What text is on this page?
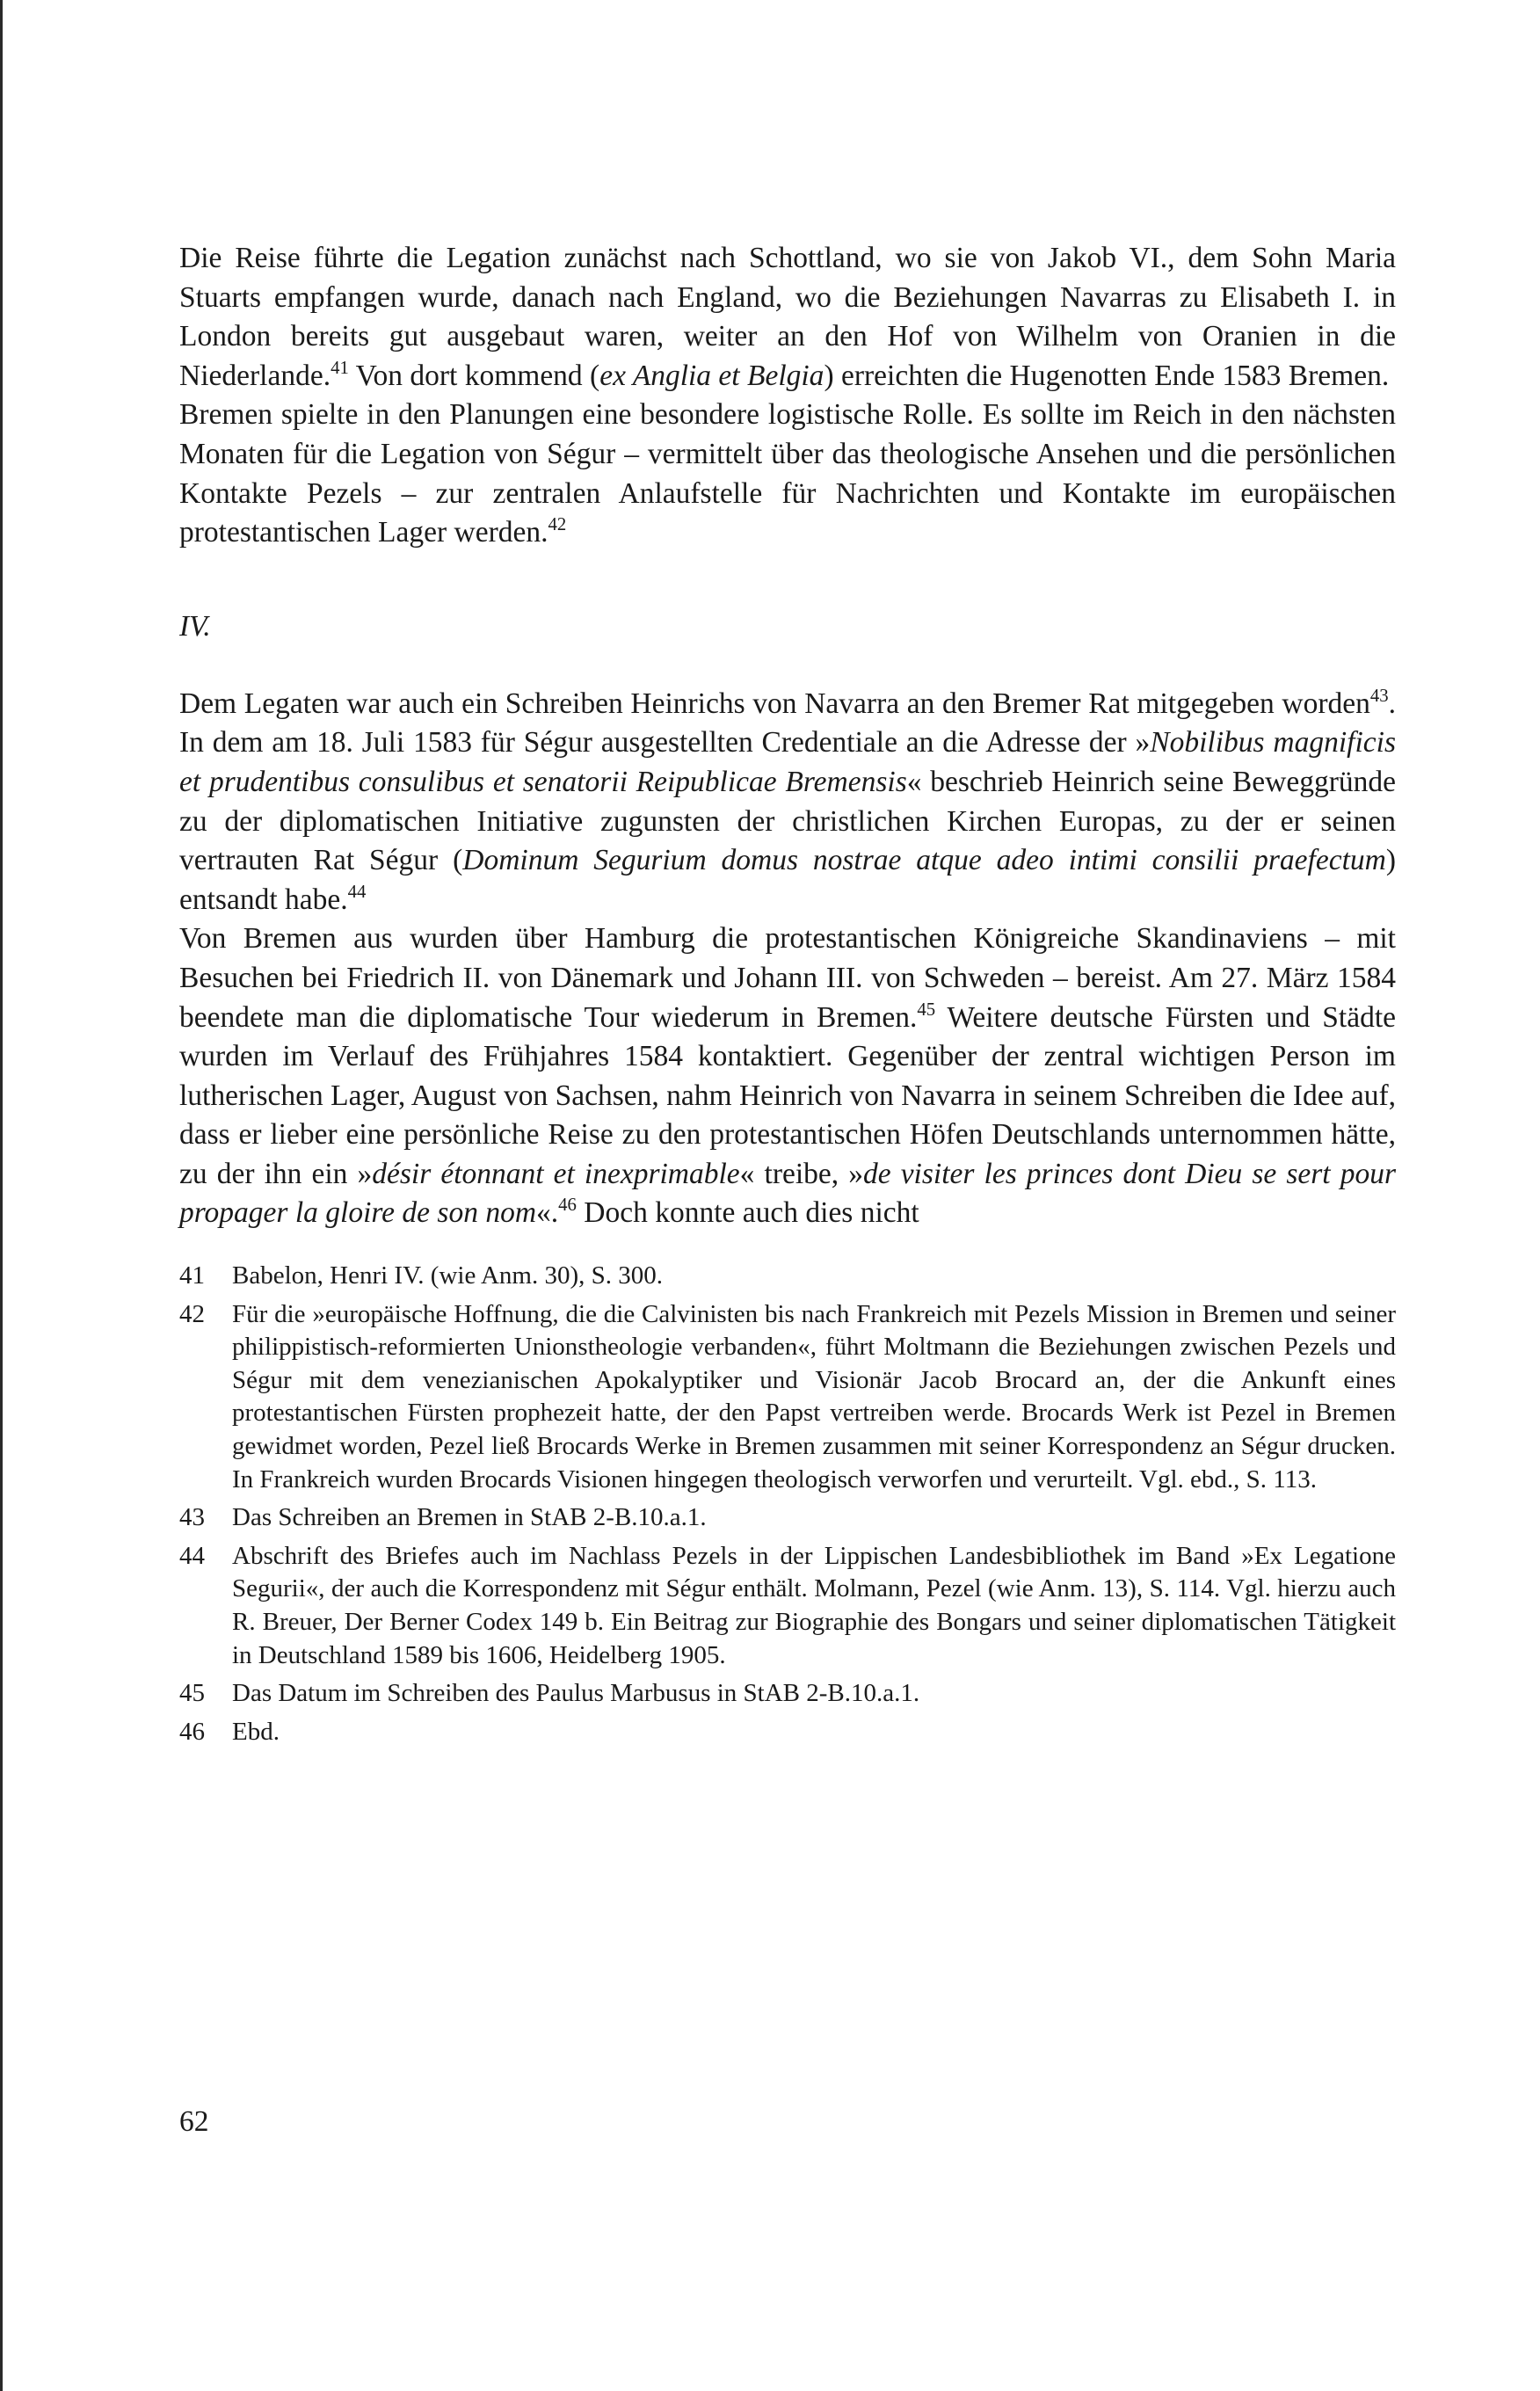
Die Reise führte die Legation zunächst nach Schottland, wo sie von Jakob VI., dem Sohn Maria Stuarts empfangen wurde, danach nach England, wo die Beziehungen Navarras zu Elisabeth I. in London bereits gut ausgebaut waren, weiter an den Hof von Wilhelm von Oranien in die Niederlande.$^{41}$ Von dort kommend (ex Anglia et Belgia) erreichten die Hugenotten Ende 1583 Bremen.

Bremen spielte in den Planungen eine besondere logistische Rolle. Es sollte im Reich in den nächsten Monaten für die Legation von Ségur – vermittelt über das theologische Ansehen und die persönlichen Kontakte Pezels – zur zentralen Anlaufstelle für Nachrichten und Kontakte im europäischen protestantischen Lager werden.$^{42}$

IV.

Dem Legaten war auch ein Schreiben Heinrichs von Navarra an den Bremer Rat mitgegeben worden$^{43}$. In dem am 18. Juli 1583 für Ségur ausgestellten Credentiale an die Adresse der »Nobilibus magnificis et prudentibus consulibus et senatorii Reipublicae Bremensis« beschrieb Heinrich seine Beweggründe zu der diplomatischen Initiative zugunsten der christlichen Kirchen Europas, zu der er seinen vertrauten Rat Ségur (Dominum Segurium domus nostrae atque adeo intimi consilii praefectum) entsandt habe.$^{44}$

Von Bremen aus wurden über Hamburg die protestantischen Königreiche Skandinaviens – mit Besuchen bei Friedrich II. von Dänemark und Johann III. von Schweden – bereist. Am 27. März 1584 beendete man die diplomatische Tour wiederum in Bremen.$^{45}$ Weitere deutsche Fürsten und Städte wurden im Verlauf des Frühjahres 1584 kontaktiert. Gegenüber der zentral wichtigen Person im lutherischen Lager, August von Sachsen, nahm Heinrich von Navarra in seinem Schreiben die Idee auf, dass er lieber eine persönliche Reise zu den protestantischen Höfen Deutschlands unternommen hätte, zu der ihn ein »désir étonnant et inexprimable« treibe, »de visiter les princes dont Dieu se sert pour propager la gloire de son nom«.$^{46}$ Doch konnte auch dies nicht

41	Babelon, Henri IV. (wie Anm. 30), S. 300.
42	Für die »europäische Hoffnung, die die Calvinisten bis nach Frankreich mit Pezels Mission in Bremen und seiner philippistisch-reformierten Unionstheologie verbanden«, führt Moltmann die Beziehungen zwischen Pezels und Ségur mit dem venezianischen Apokalyptiker und Visionär Jacob Brocard an, der die Ankunft eines protestantischen Fürsten prophezeit hatte, der den Papst vertreiben werde. Brocards Werk ist Pezel in Bremen gewidmet worden, Pezel ließ Brocards Werke in Bremen zusammen mit seiner Korrespondenz an Ségur drucken. In Frankreich wurden Brocards Visionen hingegen theologisch verworfen und verurteilt. Vgl. ebd., S. 113.
43	Das Schreiben an Bremen in StAB 2-B.10.a.1.
44	Abschrift des Briefes auch im Nachlass Pezels in der Lippischen Landesbibliothek im Band »Ex Legatione Segurii«, der auch die Korrespondenz mit Ségur enthält. Molmann, Pezel (wie Anm. 13), S. 114. Vgl. hierzu auch R. Breuer, Der Berner Codex 149 b. Ein Beitrag zur Biographie des Bongars und seiner diplomatischen Tätigkeit in Deutschland 1589 bis 1606, Heidelberg 1905.
45	Das Datum im Schreiben des Paulus Marbusus in StAB 2-B.10.a.1.
46	Ebd.
62
